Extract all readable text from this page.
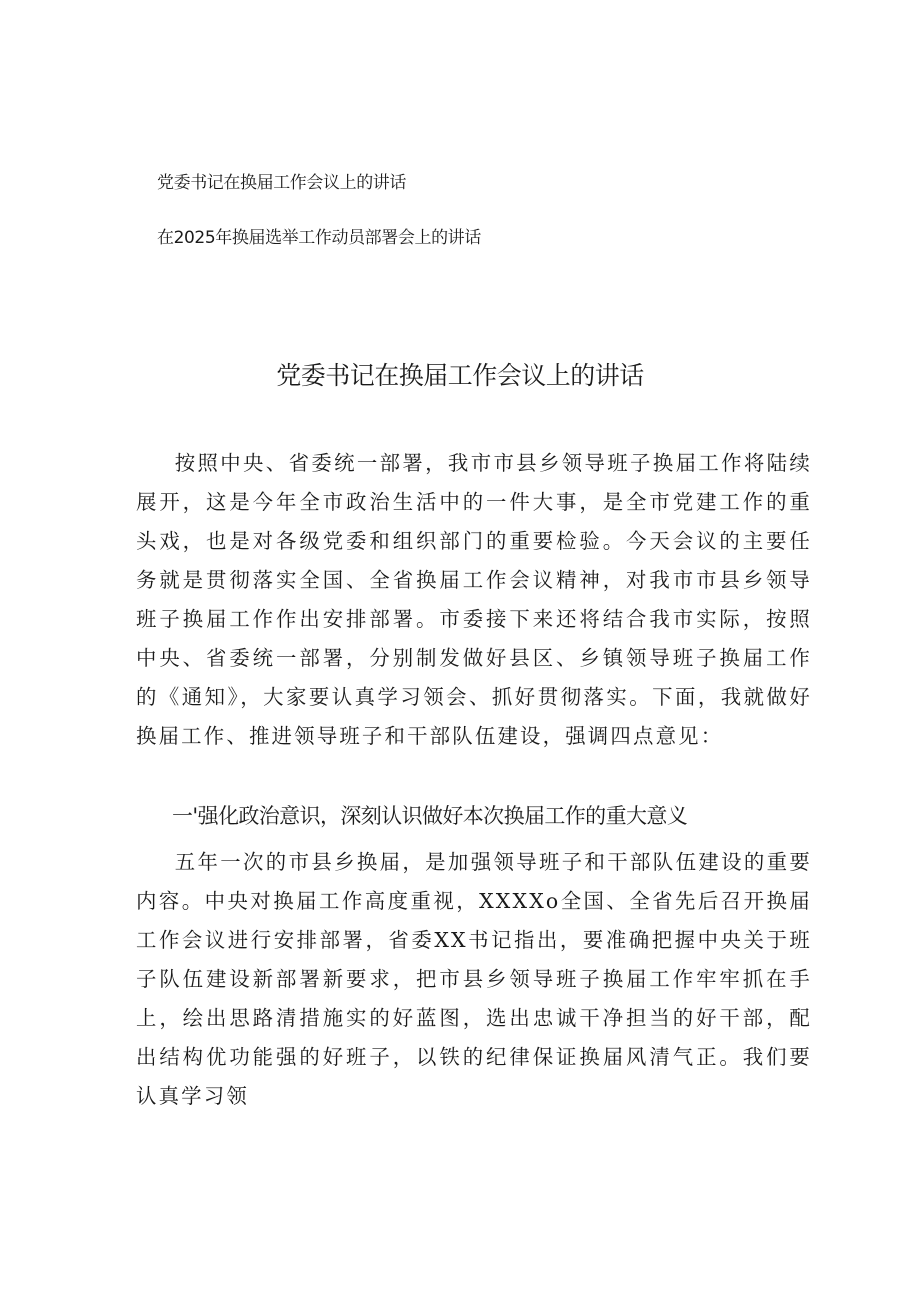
党委书记在换届工作会议上的讲话
在2025年换届选举工作动员部署会上的讲话
党委书记在换届工作会议上的讲话

按照中央、省委统一部署，我市市县乡领导班子换届工作将陆续展开，这是今年全市政治生活中的一件大事，是全市党建工作的重头戏，也是对各级党委和组织部门的重要检验。今天会议的主要任务就是贯彻落实全国、全省换届工作会议精神，对我市市县乡领导班子换届工作作出安排部署。市委接下来还将结合我市实际，按照中央、省委统一部署，分别制发做好县区、乡镇领导班子换届工作的《通知》，大家要认真学习领会、抓好贯彻落实。下面，我就做好换届工作、推进领导班子和干部队伍建设，强调四点意见：

一'强化政治意识，深刻认识做好本次换届工作的重大意义

五年一次的市县乡换届，是加强领导班子和干部队伍建设的重要内容。中央对换届工作高度重视，XXXXo全国、全省先后召开换届工作会议进行安排部署，省委XX书记指出，要准确把握中央关于班子队伍建设新部署新要求，把市县乡领导班子换届工作牢牢抓在手上，绘出思路清措施实的好蓝图，选出忠诚干净担当的好干部，配出结构优功能强的好班子，以铁的纪律保证换届风清气正。我们要认真学习领
